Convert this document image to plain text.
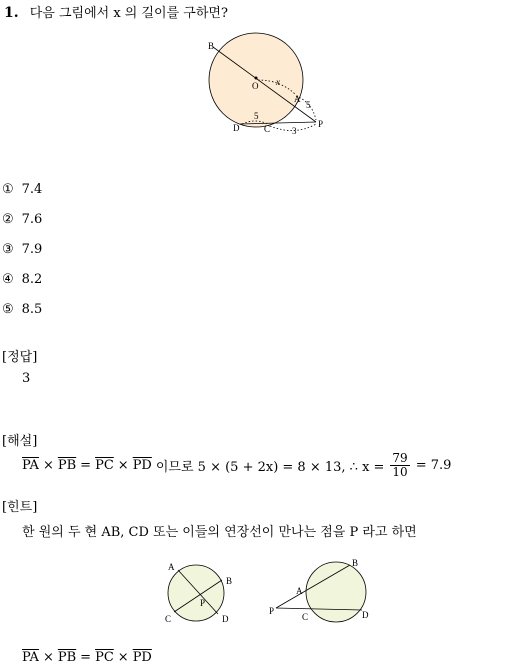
1. 다음 그림에서 x 의 길이를 구하면?
B
O
A
P
D	C
x
5
5
3
① 7.4
② 7.6
③ 7.9
④ 8.2
⑤ 8.5
[정답]
3
[해설]
$\overline{PA} \times \overline{PB} = \overline{PC} \times \overline{PD}$ 이므로 5 × (5 + 2x) = 8 × 13, ∴ $x = \frac{79}{10} = 7.9$
[힌트]
한 원의 두 현 AB, CD 또는 이들의 연장선이 만나는 점을 P 라고 하면
A
B
C	D
P
P
A
B
C	D
$\overline{PA} \times \overline{PB} = \overline{PC} \times \overline{PD}$
